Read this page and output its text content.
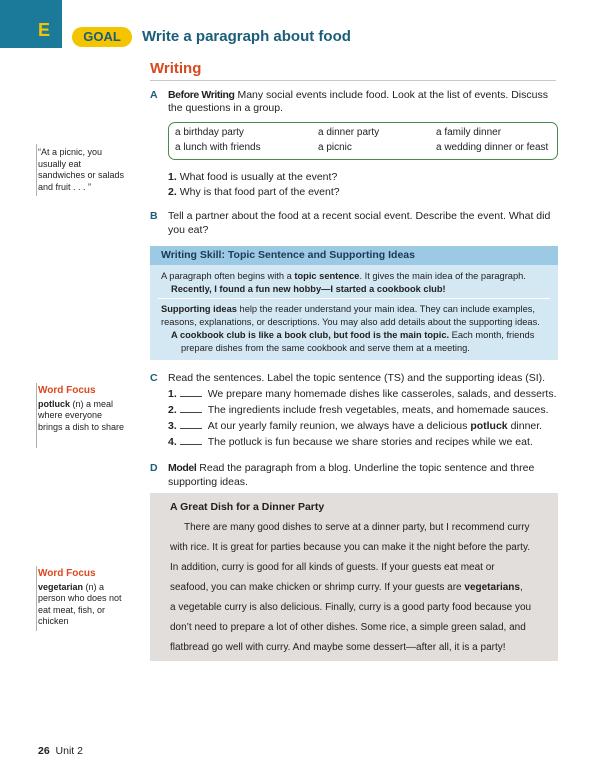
E	GOAL	Write a paragraph about food
Writing
“At a picnic, you usually eat sandwiches or salads and fruit . . . ”
Word Focus
potluck (n) a meal where everyone brings a dish to share
Word Focus
vegetarian (n) a person who does not eat meat, fish, or chicken
A Before Writing Many social events include food. Look at the list of events. Discuss
the questions in a group.
a birthday party	a dinner party	a family dinner
a lunch with friends	a picnic	a wedding dinner or feast
1. What food is usually at the event?
2. Why is that food part of the event?
B Tell a partner about the food at a recent social event. Describe the event. What did
you eat?
Writing Skill: Topic Sentence and Supporting Ideas
A paragraph often begins with a topic sentence. It gives the main idea of the paragraph.
Recently, I found a fun new hobby—I started a cookbook club!
Supporting ideas help the reader understand your main idea. They can include examples,
reasons, explanations, or descriptions. You may also add details about the supporting ideas.
A cookbook club is like a book club, but food is the main topic. Each month, friends
prepare dishes from the same cookbook and serve them at a meeting.
C Read the sentences. Label the topic sentence (TS) and the supporting ideas (SI).
1.	We prepare many homemade dishes like casseroles, salads, and desserts.
2.	The ingredients include fresh vegetables, meats, and homemade sauces.
3.	At our yearly family reunion, we always have a delicious potluck dinner.
4.	The potluck is fun because we share stories and recipes while we eat.
D Model Read the paragraph from a blog. Underline the topic sentence and three
supporting ideas.
A Great Dish for a Dinner Party
There are many good dishes to serve at a dinner party, but I recommend curry
with rice. It is great for parties because you can make it the night before the party.
In addition, curry is good for all kinds of guests. If your guests eat meat or
seafood, you can make chicken or shrimp curry. If your guests are vegetarians,
a vegetable curry is also delicious. Finally, curry is a good party food because you
don’t need to prepare a lot of other dishes. Some rice, a simple green salad, and
flatbread go well with curry. And maybe some dessert—after all, it is a party!
26 Unit 2
